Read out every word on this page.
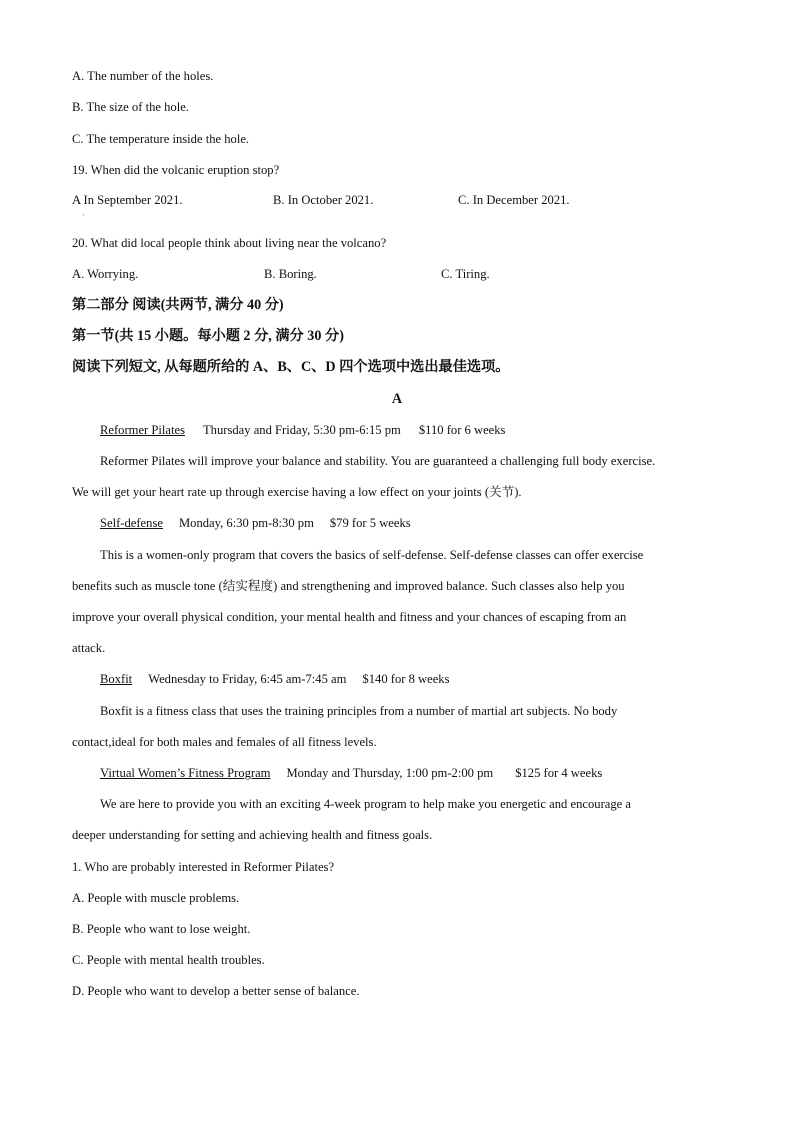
A. The number of the holes.
B. The size of the hole.
C. The temperature inside the hole.
19. When did the volcanic eruption stop?
A In September 2021.
·
B. In October 2021.	C. In December 2021.
20. What did local people think about living near the volcano?
A. Worrying.	B. Boring.	C. Tiring.
第二部分 阅读(共两节, 满分 40 分)
第一节(共 15 小题。每小题 2 分, 满分 30 分)
阅读下列短文, 从每题所给的 A、B、C、D 四个选项中选出最佳选项。
A
Reformer Pilates Thursday and Friday, 5:30 pm-6:15 pm $110 for 6 weeks
Reformer Pilates will improve your balance and stability. You are guaranteed a challenging full body exercise.
We will get your heart rate up through exercise having a low effect on your joints (关节).
Self-defense Monday, 6:30 pm-8:30 pm $79 for 5 weeks
This is a women-only program that covers the basics of self-defense. Self-defense classes can offer exercise
benefits such as muscle tone (结实程度) and strengthening and improved balance. Such classes also help you
improve your overall physical condition, your mental health and fitness and your chances of escaping from an
attack.
Boxfit Wednesday to Friday, 6:45 am-7:45 am $140 for 8 weeks
Boxfit is a fitness class that uses the training principles from a number of martial art subjects. No body
contact,ideal for both males and females of all fitness levels.
Virtual Women’s Fitness Program Monday and Thursday, 1:00 pm-2:00 pm $125 for 4 weeks
We are here to provide you with an exciting 4-week program to help make you energetic and encourage a
deeper understanding for setting and achieving health and fitness goals.
1. Who are probably interested in Reformer Pilates?
A. People with muscle problems.
B. People who want to lose weight.
C. People with mental health troubles.
D. People who want to develop a better sense of balance.
